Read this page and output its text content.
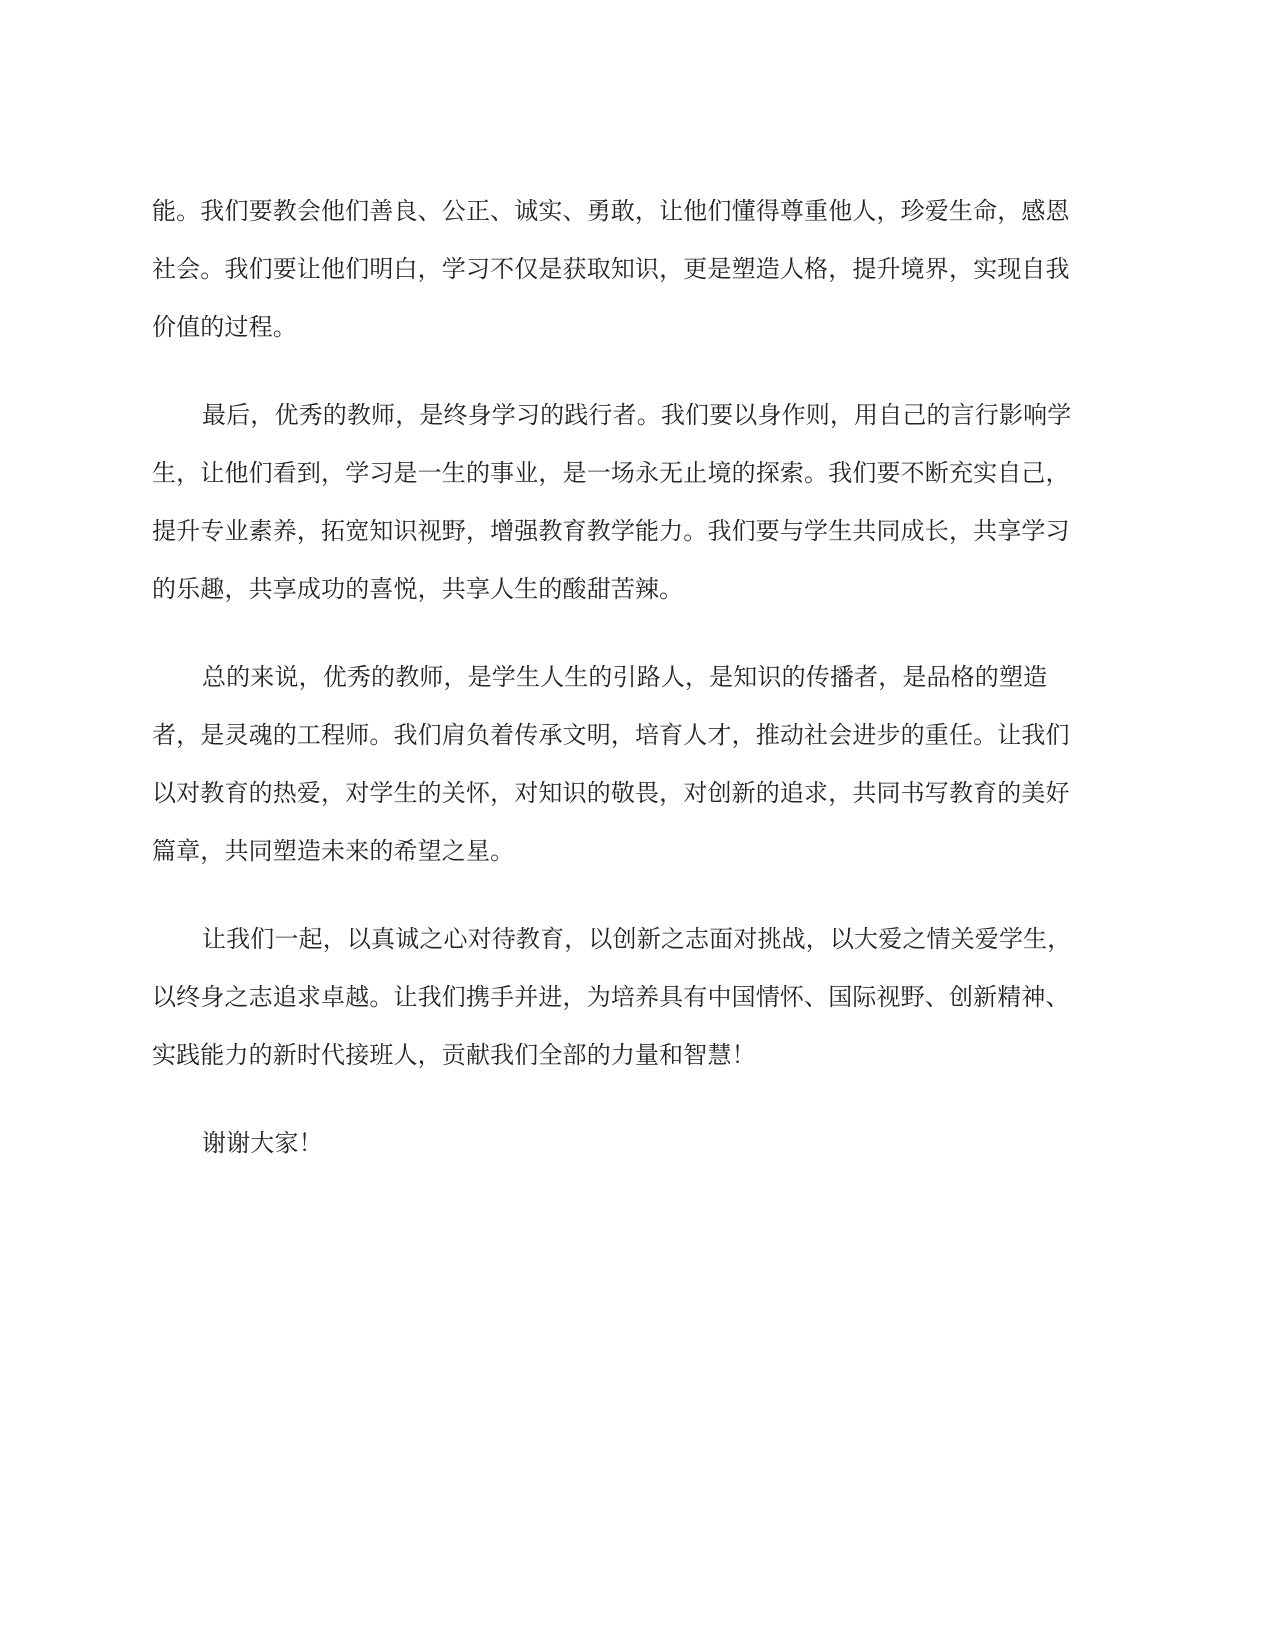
能。我们要教会他们善良、公正、诚实、勇敢，让他们懂得尊重他人，珍爱生命，感恩
社会。我们要让他们明白，学习不仅是获取知识，更是塑造人格，提升境界，实现自我
价值的过程。

最后，优秀的教师，是终身学习的践行者。我们要以身作则，用自己的言行影响学
生，让他们看到，学习是一生的事业，是一场永无止境的探索。我们要不断充实自己，
提升专业素养，拓宽知识视野，增强教育教学能力。我们要与学生共同成长，共享学习
的乐趣，共享成功的喜悦，共享人生的酸甜苦辣。

总的来说，优秀的教师，是学生人生的引路人，是知识的传播者，是品格的塑造
者，是灵魂的工程师。我们肩负着传承文明，培育人才，推动社会进步的重任。让我们
以对教育的热爱，对学生的关怀，对知识的敬畏，对创新的追求，共同书写教育的美好
篇章，共同塑造未来的希望之星。

让我们一起，以真诚之心对待教育，以创新之志面对挑战，以大爱之情关爱学生，
以终身之志追求卓越。让我们携手并进，为培养具有中国情怀、国际视野、创新精神、
实践能力的新时代接班人，贡献我们全部的力量和智慧！

谢谢大家！
